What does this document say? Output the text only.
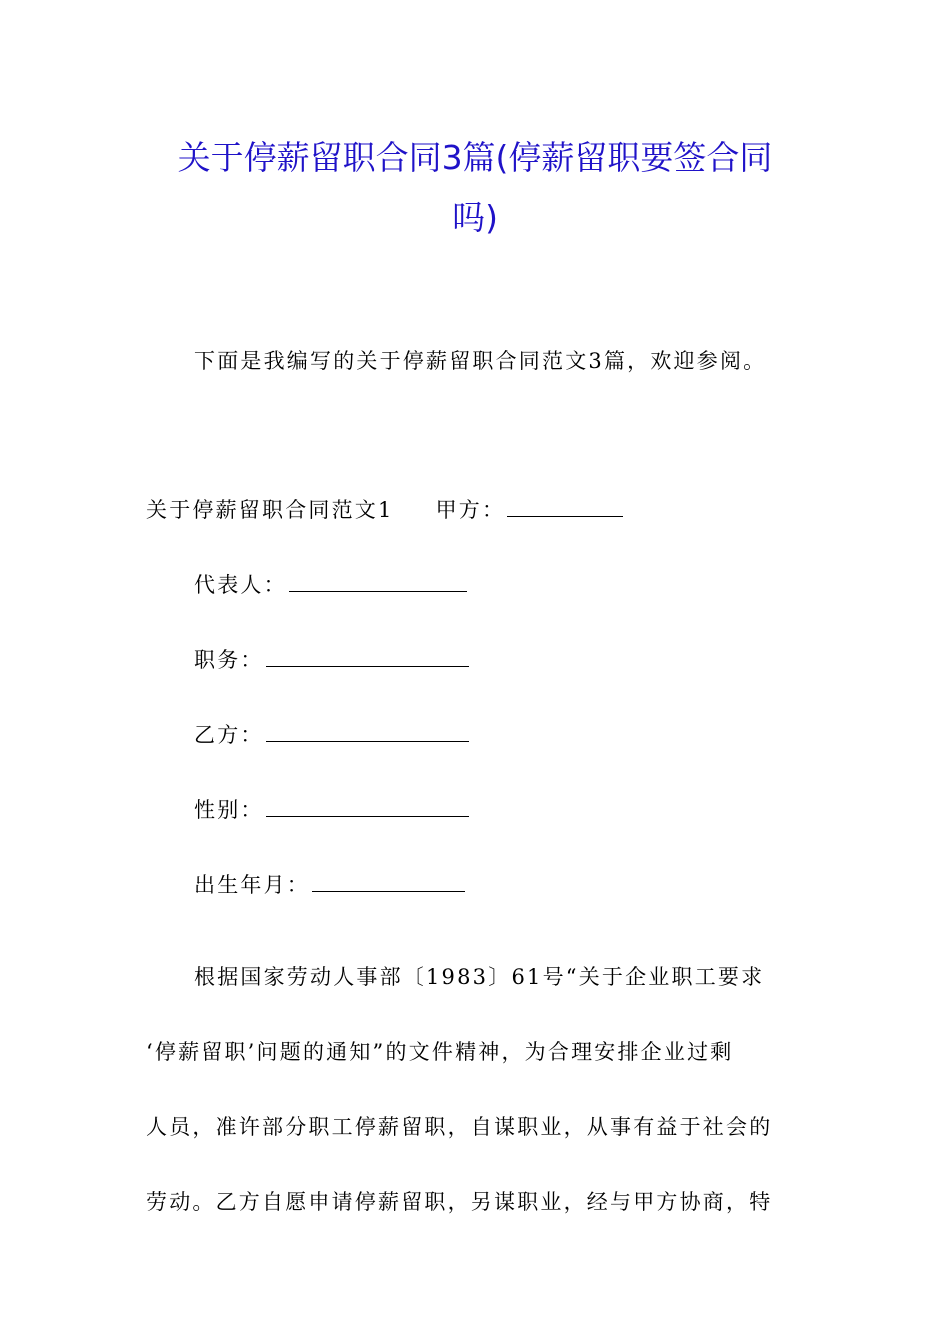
关于停薪留职合同3篇(停薪留职要签合同
吗)
下面是我编写的关于停薪留职合同范文3篇，欢迎参阅。
关于停薪留职合同范文1 甲方：
代表人：
职务：
乙方：
性别：
出生年月：
根据国家劳动人事部〔1983〕61号“关于企业职工要求
‘停薪留职’问题的通知”的文件精神，为合理安排企业过剩
人员，准许部分职工停薪留职，自谋职业，从事有益于社会的
劳动。乙方自愿申请停薪留职，另谋职业，经与甲方协商，特
